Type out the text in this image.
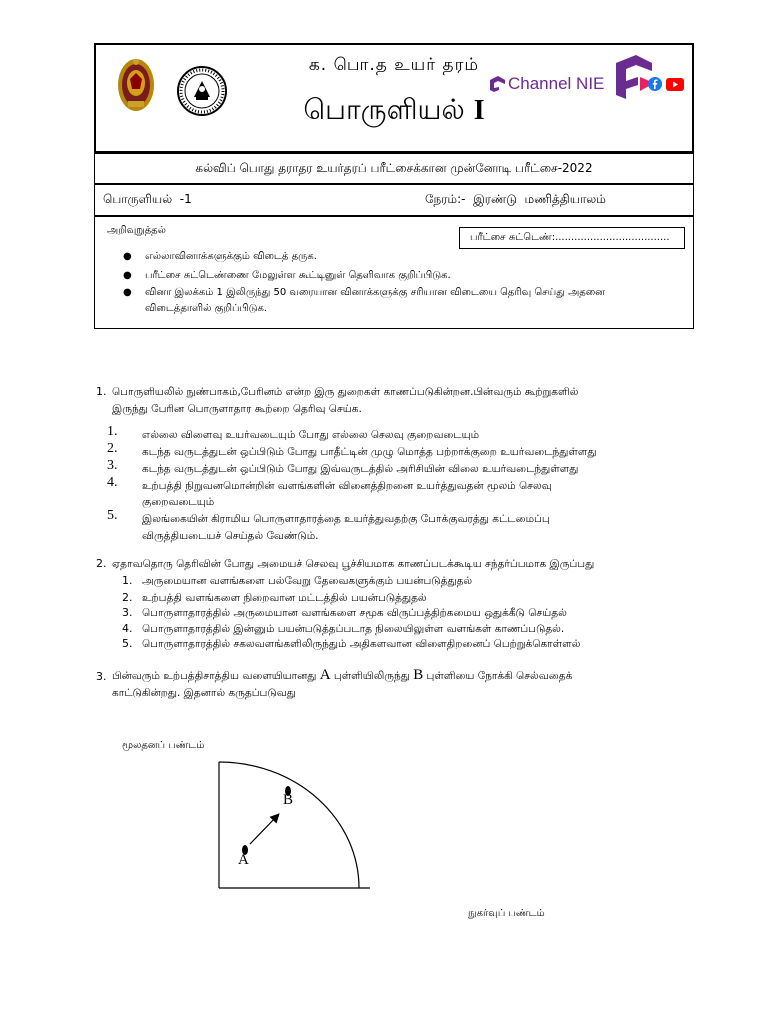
க. பொ.த உயர் தரம்
பொருளியல் I
Channel NIE
கல்விப் பொது தராதர உயர்தரப் பரீட்சைக்கான முன்னோடி பரீட்சை-2022
பொருளியல்  -1	நேரம்:-  இரண்டு  மணித்தியாலம்
அறிவுறுத்தல்
பரீட்சை சுட்டெண்:....................................
● எல்லாவினாக்களுக்கும் விடைத் தருக.
● பரீட்சை சுட்டெண்ணை மேலுள்ள கூட்டினுள் தெளிவாக குறிப்பிடுக.
● வினா இலக்கம் 1 இலிருந்து 50 வரையான வினாக்களுக்கு சரியான விடையை தெரிவு செய்து அதனை
விடைத்தாளில் குறிப்பிடுக.
1. பொருளியலில் நுண்பாகம்,பேரினம் என்ற இரு துறைகள் காணப்படுகின்றன.பின்வரும் கூற்றுகளில்
இருந்து பேரின பொருளாதார கூற்றை தெரிவு செய்க.
1. எல்லை விளைவு உயர்வடையும் போது எல்லை செலவு குறைவடையும்
2. கடந்த வருடத்துடன் ஒப்பிடும் போது பாதீட்டின் முழு மொத்த பற்றாக்குறை உயர்வடைந்துள்ளது
3. கடந்த வருடத்துடன் ஒப்பிடும் போது இவ்வருடத்தில் அரிசியின் விலை உயர்வடைந்துள்ளது
4. உற்பத்தி நிறுவனமொன்றின் வளங்களின் வினைத்திறனை உயர்த்துவதன் மூலம் செலவு
குறைவடையும்
5. இலங்கையின் கிராமிய பொருளாதாரத்தை உயர்த்துவதற்கு போக்குவரத்து கட்டமைப்பு
விருத்தியடையச் செய்தல் வேண்டும்.
2. ஏதாவதொரு தெரிவின் போது அமையச் செலவு பூச்சியமாக காணப்படக்கூடிய சந்தர்ப்பமாக இருப்பது
1. அருமையான வளங்களை பல்வேறு தேவைகளுக்கும் பயன்படுத்துதல்
2. உற்பத்தி வளங்களை நிறைவான மட்டத்தில் பயன்படுத்துதல்
3. பொருளாதாரத்தில் அருமையான வளங்களை சமூக விருப்பத்திற்கமைய ஒதுக்கீடு செய்தல்
4. பொருளாதாரத்தில் இன்னும் பயன்படுத்தப்படாத நிலையிலுள்ள வளங்கள் காணப்படுதல்.
5. பொருளாதாரத்தில் சகலவளங்களிலிருந்தும் அதிகளவான விளைதிறனைப் பெற்றுக்கொள்ளல்
3. பின்வரும் உற்பத்திசாத்திய வளையியானது A புள்ளியிலிருந்து B புள்ளியை நோக்கி செல்வதைக்
காட்டுகின்றது. இதனால் கருதப்படுவது
மூலதனப் பண்டம்
நுகர்வுப் பண்டம்
A
B
